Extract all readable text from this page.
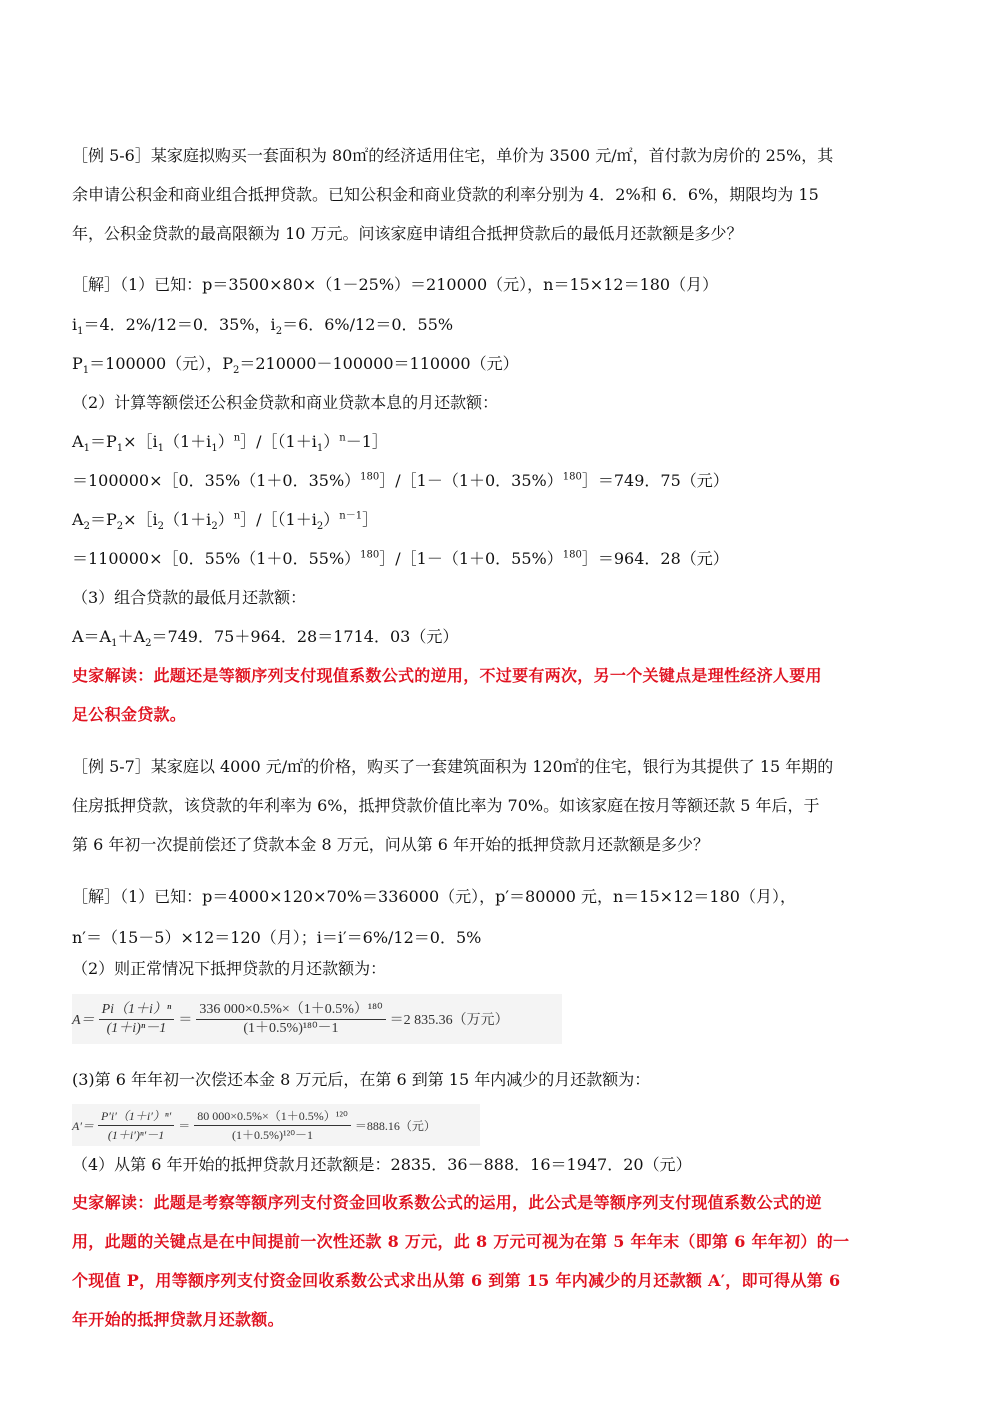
［例 5-6］某家庭拟购买一套面积为 80㎡的经济适用住宅，单价为 3500 元/㎡，首付款为房价的 25%，其
余申请公积金和商业组合抵押贷款。已知公积金和商业贷款的利率分别为 4．2%和 6．6%，期限均为 15
年，公积金贷款的最高限额为 10 万元。问该家庭申请组合抵押贷款后的最低月还款额是多少？
［解］（1）已知：p＝3500×80×（1－25%）＝210000（元），n＝15×12＝180（月）
$i_1=4$．2%/12＝0．35%，$i_2=6$．6%/12＝0．55%
$P_1=100000$（元），$P_2=210000-100000=110000$（元）
（2）计算等额偿还公积金贷款和商业贷款本息的月还款额：
$A_1=P_1\times[i_1(1+i_1)^n]/[(1+i_1)^n-1]$
＝100000×［0．35%（1＋0．35%）$^{180}$］/［1－（1＋0．35%）$^{180}$］＝749．75（元）
$A_2=P_2\times[i_2(1+i_2)^n]/[(1+i_2)^{n-1}]$
＝110000×［0．55%（1＋0．55%）$^{180}$］/［1－（1＋0．55%）$^{180}$］＝964．28（元）
（3）组合贷款的最低月还款额：
$A=A_1+A_2=749$．75＋964．28＝1714．03（元）
史家解读：此题还是等额序列支付现值系数公式的逆用，不过要有两次，另一个关键点是理性经济人要用
足公积金贷款。
［例 5-7］某家庭以 4000 元/㎡的价格，购买了一套建筑面积为 120㎡的住宅，银行为其提供了 15 年期的
住房抵押贷款，该贷款的年利率为 6%，抵押贷款价值比率为 70%。如该家庭在按月等额还款 5 年后，于
第 6 年初一次提前偿还了贷款本金 8 万元，问从第 6 年开始的抵押贷款月还款额是多少？
［解］（1）已知：p＝4000×120×70%＝336000（元），p′＝80000 元，n＝15×12＝180（月），
n′＝（15－5）×12＝120（月）；i＝i′＝6%/12＝0．5%
（2）则正常情况下抵押贷款的月还款额为：
$A= \frac{\text{Pi（1＋i）ⁿ}}{\text{(1＋i)ⁿ－1}} = \frac{\text{336 000×0.5\%×（1＋0.5\%）¹⁸⁰}}{\text{(1＋0.5\%)¹⁸⁰－1}} =2$ 835.36（万元）
(3)第 6 年年初一次偿还本金 8 万元后，在第 6 到第 15 年内减少的月还款额为：
$A'= \frac{\text{P′i′（1＋i′）ⁿ′}}{\text{(1＋i′)ⁿ′－1}} = \frac{\text{80 000×0.5\%×（1＋0.5\%）¹²⁰}}{\text{(1＋0.5\%)¹²⁰－1}} =888.16$（元）
（4）从第 6 年开始的抵押贷款月还款额是：2835．36－888．16＝1947．20（元）
史家解读：此题是考察等额序列支付资金回收系数公式的运用，此公式是等额序列支付现值系数公式的逆
用，此题的关键点是在中间提前一次性还款 8 万元，此 8 万元可视为在第 5 年年末（即第 6 年年初）的一
个现值 P，用等额序列支付资金回收系数公式求出从第 6 到第 15 年内减少的月还款额 A′，即可得从第 6
年开始的抵押贷款月还款额。
